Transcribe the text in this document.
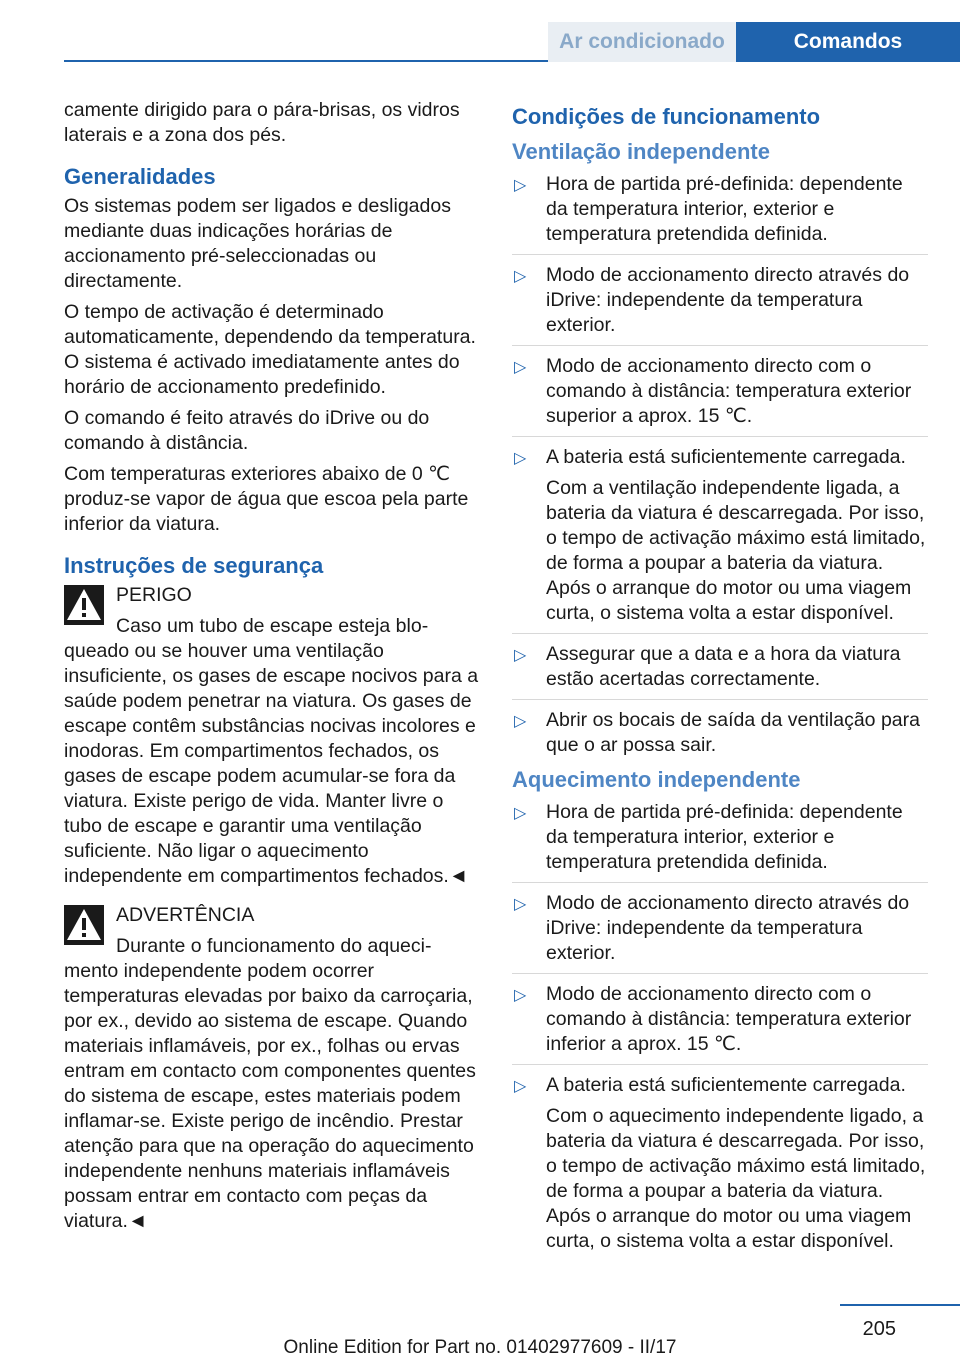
Ar condicionado	Comandos

camente dirigido para o pára-brisas, os vidros laterais e a zona dos pés.

Generalidades

Os sistemas podem ser ligados e desligados mediante duas indicações horárias de accionamento pré-seleccionadas ou directamente.

O tempo de activação é determinado automaticamente, dependendo da temperatura. O sistema é activado imediatamente antes do horário de accionamento predefinido.

O comando é feito através do iDrive ou do comando à distância.

Com temperaturas exteriores abaixo de 0 ℃ produz-se vapor de água que escoa pela parte inferior da viatura.

Instruções de segurança
PERIGO
Caso um tubo de escape esteja blo-
queado ou se houver uma ventilação insuficiente, os gases de escape nocivos para a saúde podem penetrar na viatura. Os gases de escape contêm substâncias nocivas incolores e inodoras. Em compartimentos fechados, os gases de escape podem acumular-se fora da viatura. Existe perigo de vida. Manter livre o tubo de escape e garantir uma ventilação suficiente. Não ligar o aquecimento independente em compartimentos fechados.◄
ADVERTÊNCIA
Durante o funcionamento do aqueci-
mento independente podem ocorrer temperaturas elevadas por baixo da carroçaria, por ex., devido ao sistema de escape. Quando materiais inflamáveis, por ex., folhas ou ervas entram em contacto com componentes quentes do sistema de escape, estes materiais podem inflamar-se. Existe perigo de incêndio. Prestar atenção para que na operação do aquecimento independente nenhuns materiais inflamáveis possam entrar em contacto com peças da viatura.◄
Condições de funcionamento
Ventilação independente
▷ Hora de partida pré-definida: dependente da temperatura interior, exterior e temperatura pretendida definida.

▷ Modo de accionamento directo através do iDrive: independente da temperatura exterior.

▷ Modo de accionamento directo com o comando à distância: temperatura exterior superior a aprox. 15 ℃.

▷ A bateria está suficientemente carregada.

Com a ventilação independente ligada, a bateria da viatura é descarregada. Por isso, o tempo de activação máximo está limitado, de forma a poupar a bateria da viatura. Após o arranque do motor ou uma viagem curta, o sistema volta a estar disponível.

▷ Assegurar que a data e a hora da viatura estão acertadas correctamente.

▷ Abrir os bocais de saída da ventilação para que o ar possa sair.

Aquecimento independente
▷ Hora de partida pré-definida: dependente da temperatura interior, exterior e temperatura pretendida definida.

▷ Modo de accionamento directo através do iDrive: independente da temperatura exterior.

▷ Modo de accionamento directo com o comando à distância: temperatura exterior inferior a aprox. 15 ℃.

▷ A bateria está suficientemente carregada.

Com o aquecimento independente ligado, a bateria da viatura é descarregada. Por isso, o tempo de activação máximo está limitado, de forma a poupar a bateria da viatura. Após o arranque do motor ou uma viagem curta, o sistema volta a estar disponível.

205
Online Edition for Part no. 01402977609 - II/17
